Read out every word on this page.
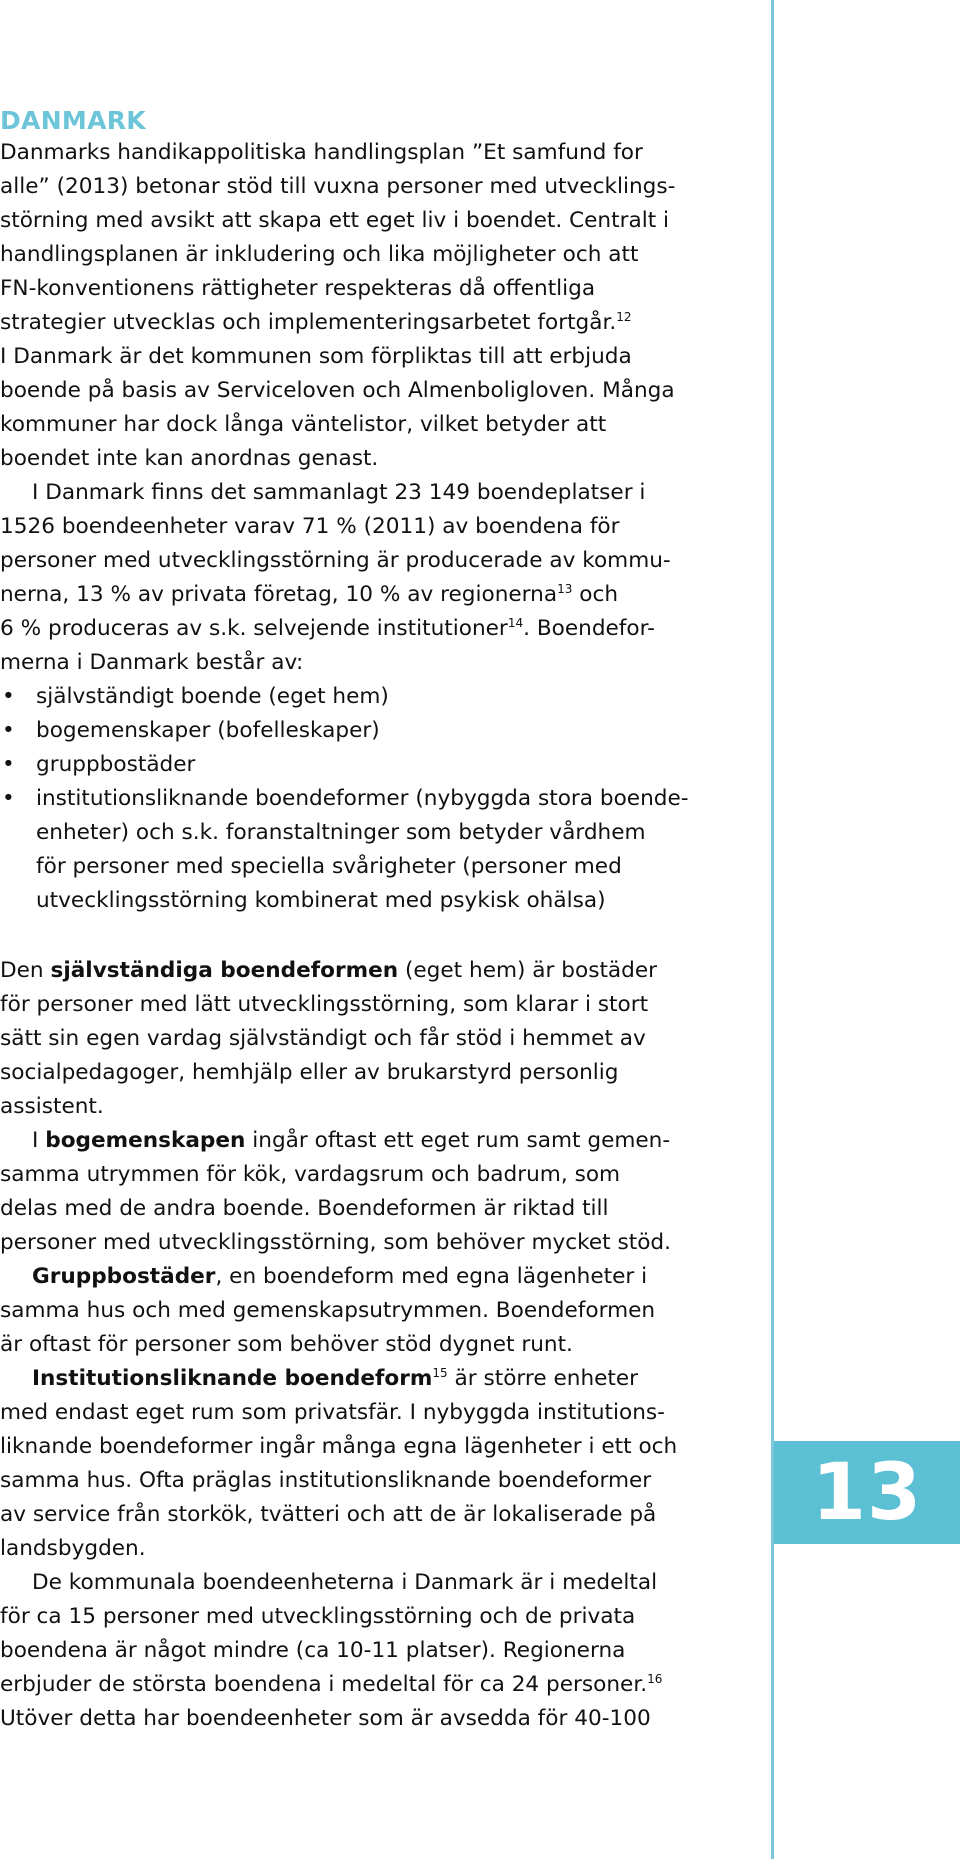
13
DANMARK

Danmarks handikappolitiska handlingsplan ”Et samfund for

alle” (2013) betonar stöd till vuxna personer med utvecklings-

störning med avsikt att skapa ett eget liv i boendet. Centralt i

handlingsplanen är inkludering och lika möjligheter och att

FN-konventionens rättigheter respekteras då offentliga

strategier utvecklas och implementeringsarbetet fortgår.$^{12}$

I Danmark är det kommunen som förpliktas till att erbjuda

boende på basis av Serviceloven och Almenboligloven. Många

kommuner har dock långa väntelistor, vilket betyder att

boendet inte kan anordnas genast.

I Danmark finns det sammanlagt 23 149 boendeplatser i

1526 boendeenheter varav 71 % (2011) av boendena för

personer med utvecklingsstörning är producerade av kommu-

nerna, 13 % av privata företag, 10 % av regionerna$^{13}$ och

6 % produceras av s.k. selvejende institutioner$^{14}$. Boendefor-

merna i Danmark består av:

• självständigt boende (eget hem)
• bogemenskaper (bofelleskaper)
• gruppbostäder
• institutionsliknande boendeformer (nybyggda stora boende-
enheter) och s.k. foranstaltninger som betyder vårdhem
för personer med speciella svårigheter (personer med
utvecklingsstörning kombinerat med psykisk ohälsa)

Den självständiga boendeformen (eget hem) är bostäder

för personer med lätt utvecklingsstörning, som klarar i stort

sätt sin egen vardag självständigt och får stöd i hemmet av

socialpedagoger, hemhjälp eller av brukarstyrd personlig

assistent.

I bogemenskapen ingår oftast ett eget rum samt gemen-

samma utrymmen för kök, vardagsrum och badrum, som

delas med de andra boende. Boendeformen är riktad till

personer med utvecklingsstörning, som behöver mycket stöd.

Gruppbostäder, en boendeform med egna lägenheter i

samma hus och med gemenskapsutrymmen. Boendeformen

är oftast för personer som behöver stöd dygnet runt.

Institutionsliknande boendeform$^{15}$ är större enheter

med endast eget rum som privatsfär. I nybyggda institutions-

liknande boendeformer ingår många egna lägenheter i ett och

samma hus. Ofta präglas institutionsliknande boendeformer

av service från storkök, tvätteri och att de är lokaliserade på

landsbygden.

De kommunala boendeenheterna i Danmark är i medeltal

för ca 15 personer med utvecklingsstörning och de privata

boendena är något mindre (ca 10-11 platser). Regionerna

erbjuder de största boendena i medeltal för ca 24 personer.$^{16}$

Utöver detta har boendeenheter som är avsedda för 40-100
